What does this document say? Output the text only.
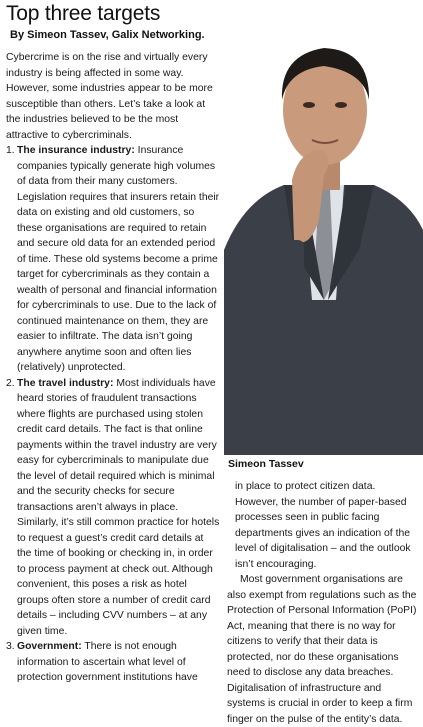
Top three targets
By Simeon Tassev, Galix Networking.

Cybercrime is on the rise and virtually every industry is being affected in some way. However, some industries appear to be more susceptible than others. Let’s take a look at the industries believed to be the most attractive to cybercriminals.

1. The insurance industry: Insurance companies typically generate high volumes of data from their many customers. Legislation requires that insurers retain their data on existing and old customers, so these organisations are required to retain and secure old data for an extended period of time. These old systems become a prime target for cybercriminals as they contain a wealth of personal and financial information for cybercriminals to use. Due to the lack of continued maintenance on them, they are easier to infiltrate. The data isn’t going anywhere anytime soon and often lies (relatively) unprotected.

2. The travel industry: Most individuals have heard stories of fraudulent transactions where flights are purchased using stolen credit card details. The fact is that online payments within the travel industry are very easy for cybercriminals to manipulate due the level of detail required which is minimal and the security checks for secure transactions aren’t always in place. Similarly, it’s still common practice for hotels to request a guest’s credit card details at the time of booking or checking in, in order to process payment at check out. Although convenient, this poses a risk as hotel groups often store a number of credit card details – including CVV numbers – at any given time.

3. Government: There is not enough information to ascertain what level of protection government institutions have

Simeon Tassev

in place to protect citizen data. However, the number of paper-based processes seen in public facing departments gives an indication of the level of digitalisation – and the outlook isn’t encouraging.

Most government organisations are also exempt from regulations such as the Protection of Personal Information (PoPI) Act, meaning that there is no way for citizens to verify that their data is protected, nor do these organisations need to disclose any data breaches. Digitalisation of infrastructure and systems is crucial in order to keep a firm finger on the pulse of the entity’s data.
